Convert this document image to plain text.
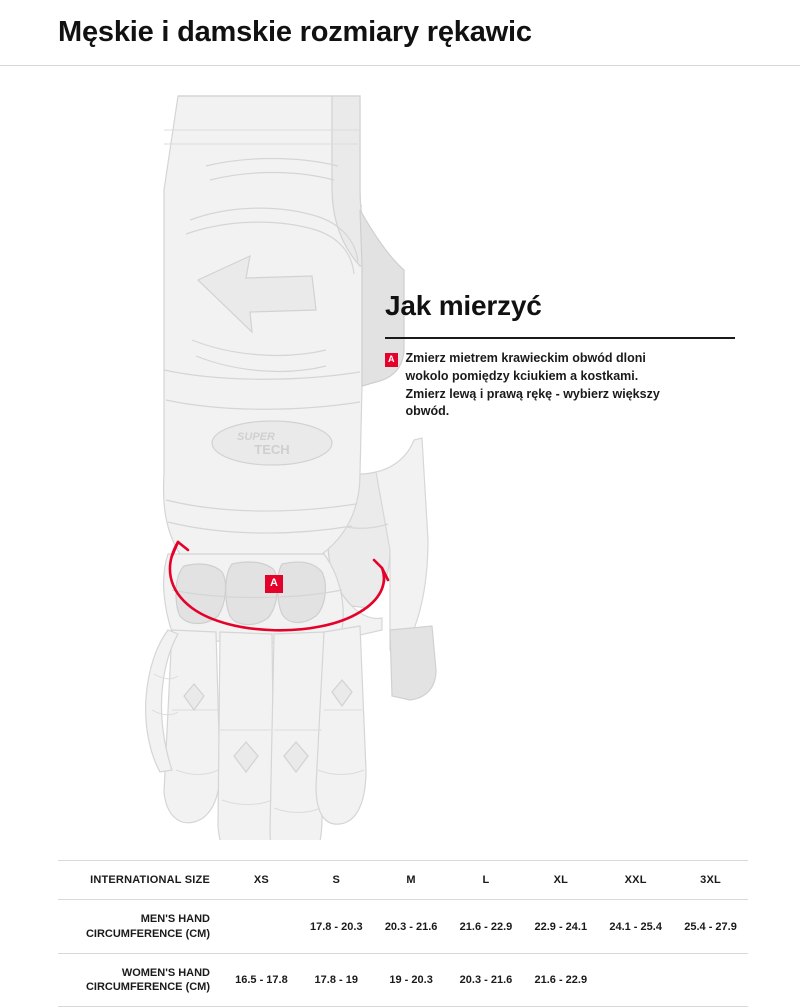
Męskie i damskie rozmiary rękawic
SUPER
TECH
A
Jak mierzyć
A Zmierz mietrem krawieckim obwód dloni
wokolo pomiędzy kciukiem a kostkami.
Zmierz lewą i prawą rękę - wybierz większy
obwód.
INTERNATIONAL SIZE	XS	S	M	L	XL	XXL	3XL

MEN'S HAND
CIRCUMFERENCE (CM)		17.8 - 20.3	20.3 - 21.6	21.6 - 22.9	22.9 - 24.1	24.1 - 25.4	25.4 - 27.9

WOMEN'S HAND
CIRCUMFERENCE (CM)	16.5 - 17.8	17.8 - 19	19 - 20.3	20.3 - 21.6	21.6 - 22.9		
